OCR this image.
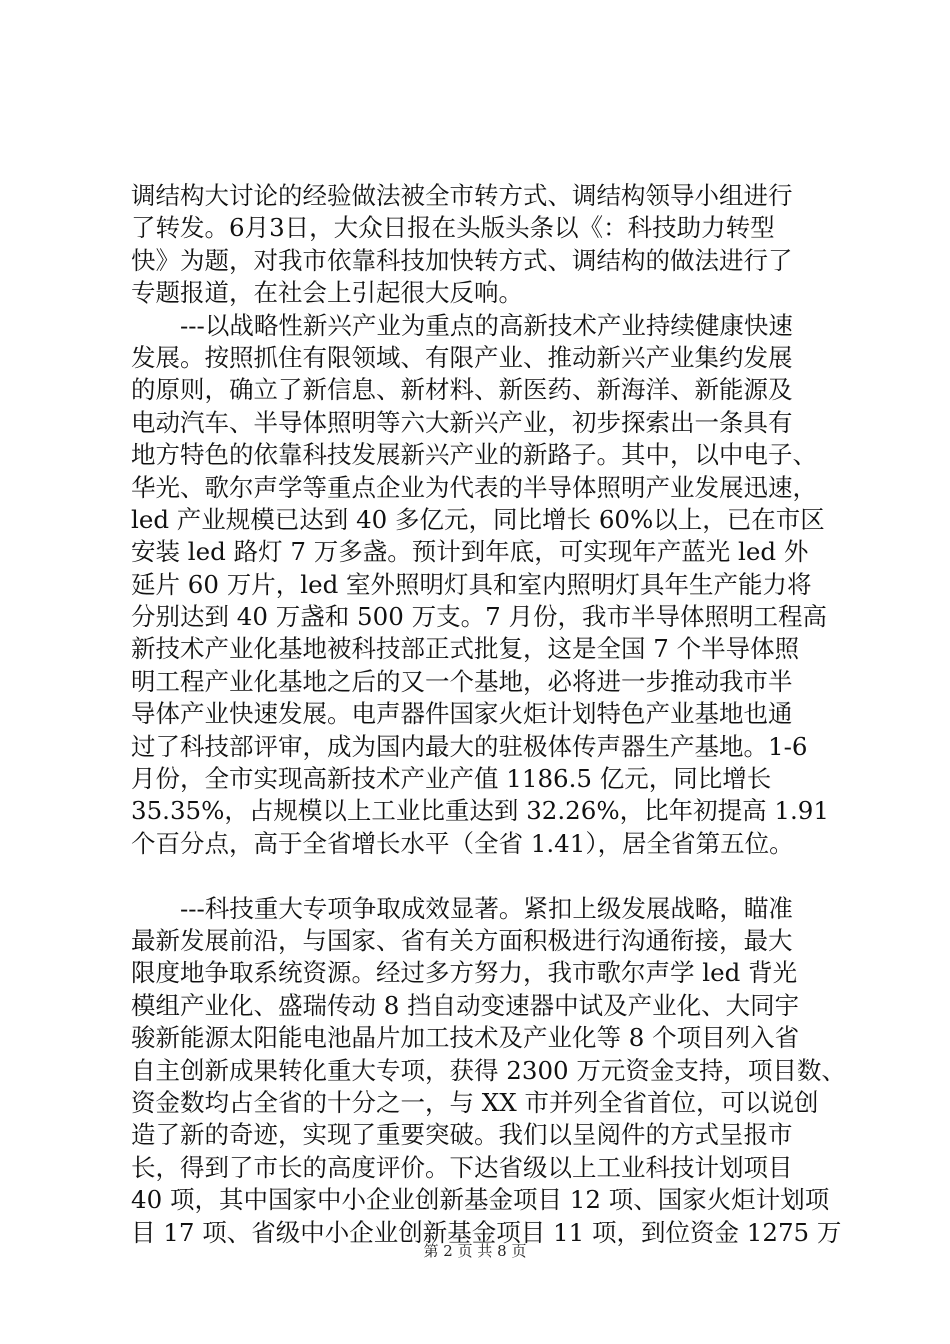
调结构大讨论的经验做法被全市转方式、调结构领导小组进行
了转发。6月3日，大众日报在头版头条以《：科技助力转型
快》为题，对我市依靠科技加快转方式、调结构的做法进行了
专题报道，在社会上引起很大反响。
　　---以战略性新兴产业为重点的高新技术产业持续健康快速
发展。按照抓住有限领域、有限产业、推动新兴产业集约发展
的原则，确立了新信息、新材料、新医药、新海洋、新能源及
电动汽车、半导体照明等六大新兴产业，初步探索出一条具有
地方特色的依靠科技发展新兴产业的新路子。其中，以中电子、
华光、歌尔声学等重点企业为代表的半导体照明产业发展迅速，
led 产业规模已达到 40 多亿元，同比增长 60%以上，已在市区
安装 led 路灯 7 万多盏。预计到年底，可实现年产蓝光 led 外
延片 60 万片，led 室外照明灯具和室内照明灯具年生产能力将
分别达到 40 万盏和 500 万支。7 月份，我市半导体照明工程高
新技术产业化基地被科技部正式批复，这是全国 7 个半导体照
明工程产业化基地之后的又一个基地，必将进一步推动我市半
导体产业快速发展。电声器件国家火炬计划特色产业基地也通
过了科技部评审，成为国内最大的驻极体传声器生产基地。1-6
月份，全市实现高新技术产业产值 1186.5 亿元，同比增长
35.35%，占规模以上工业比重达到 32.26%，比年初提高 1.91
个百分点，高于全省增长水平（全省 1.41），居全省第五位。
　　---科技重大专项争取成效显著。紧扣上级发展战略，瞄准
最新发展前沿，与国家、省有关方面积极进行沟通衔接，最大
限度地争取系统资源。经过多方努力，我市歌尔声学 led 背光
模组产业化、盛瑞传动 8 挡自动变速器中试及产业化、大同宇
骏新能源太阳能电池晶片加工技术及产业化等 8 个项目列入省
自主创新成果转化重大专项，获得 2300 万元资金支持，项目数、
资金数均占全省的十分之一，与 XX 市并列全省首位，可以说创
造了新的奇迹，实现了重要突破。我们以呈阅件的方式呈报市
长，得到了市长的高度评价。下达省级以上工业科技计划项目
40 项，其中国家中小企业创新基金项目 12 项、国家火炬计划项
目 17 项、省级中小企业创新基金项目 11 项，到位资金 1275 万
第 2 页 共 8 页
